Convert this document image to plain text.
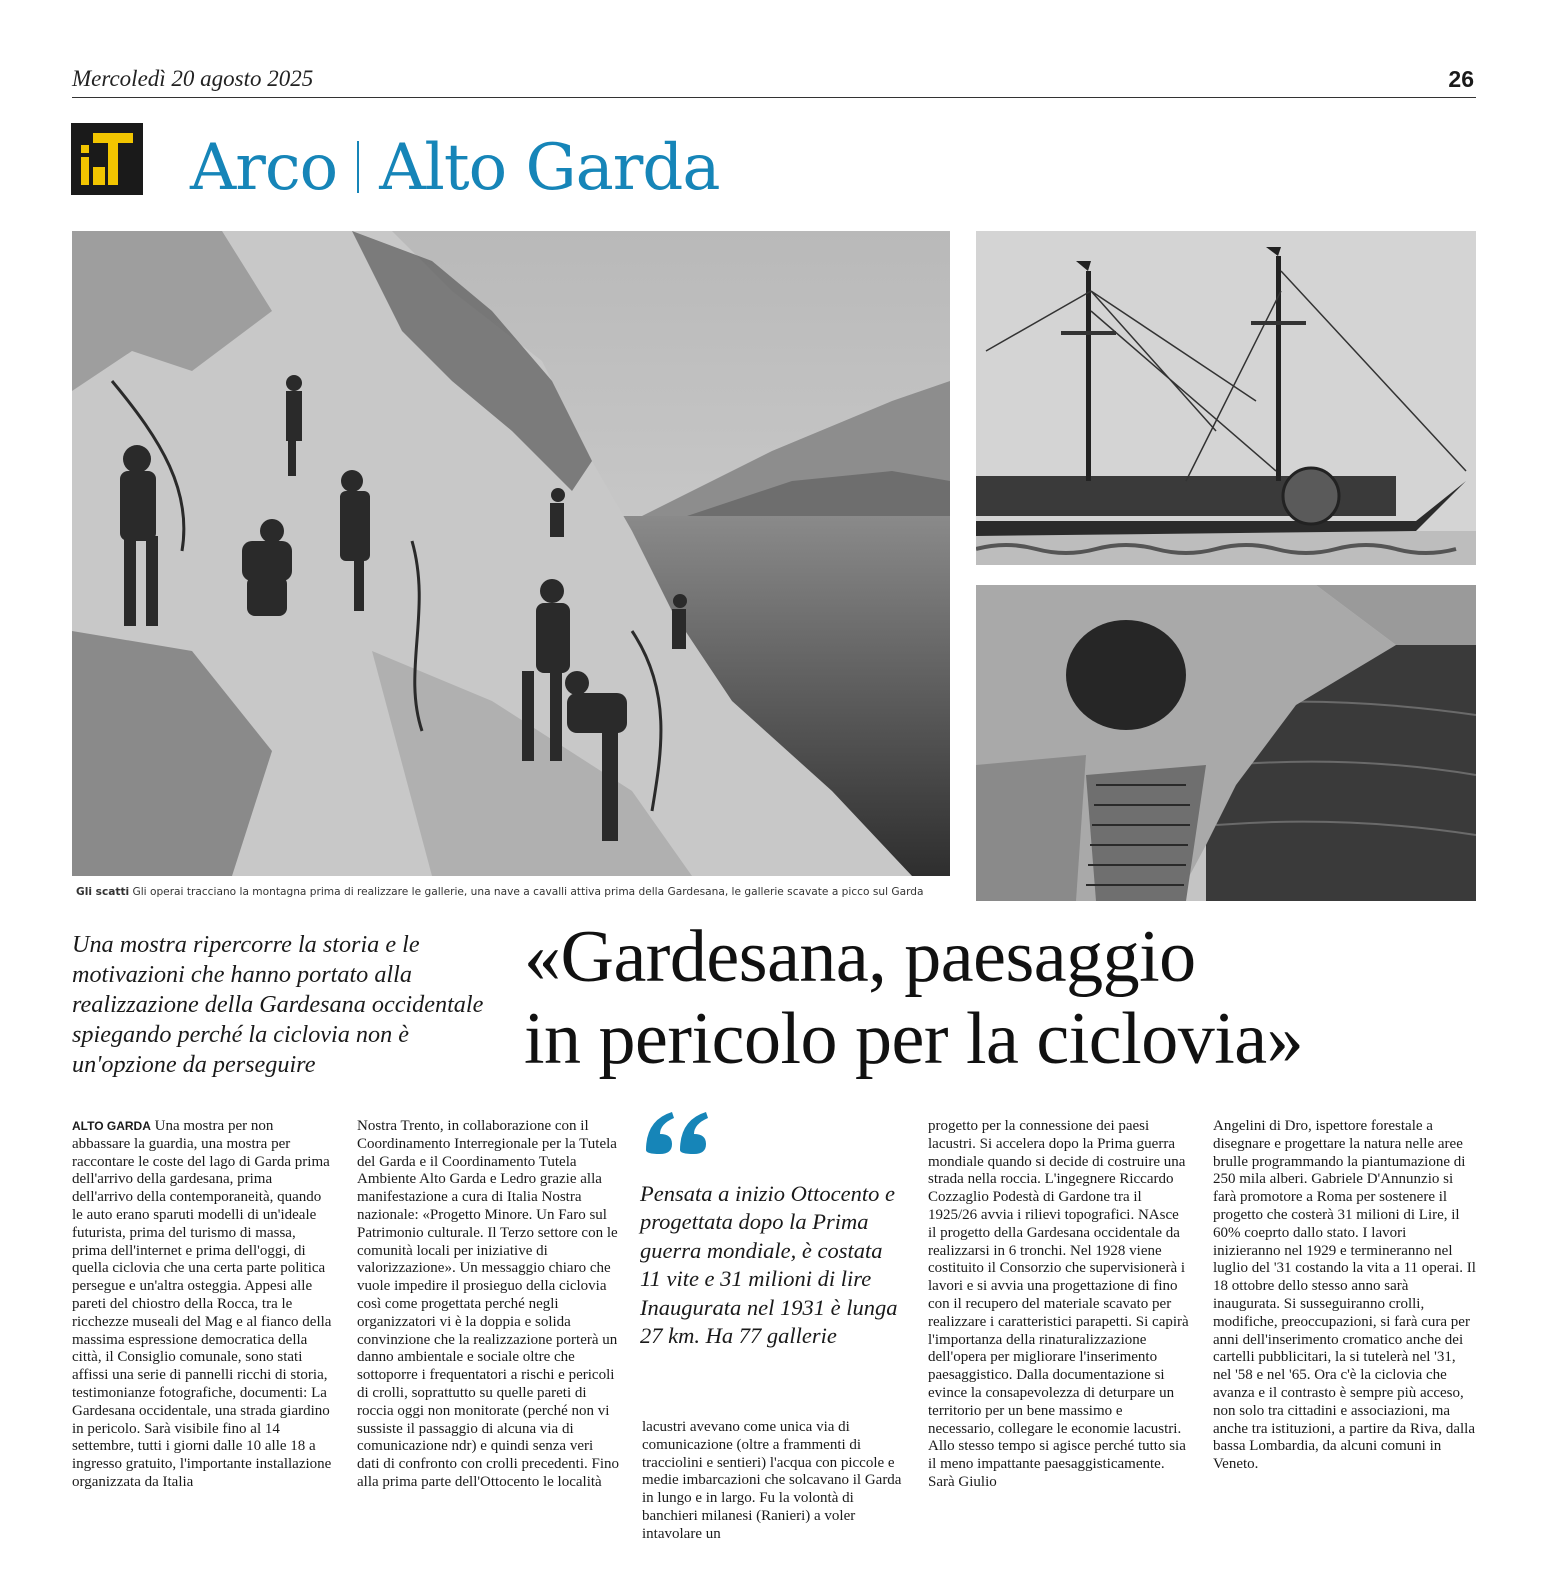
Mercoledì 20 agosto 2025	26
Arco Alto Garda
Gli scatti Gli operai tracciano la montagna prima di realizzare le gallerie, una nave a cavalli attiva prima della Gardesana, le gallerie scavate a picco sul Garda
Una mostra ripercorre la storia e le motivazioni che hanno portato alla realizzazione della Gardesana occidentale spiegando perché la ciclovia non è un'opzione da perseguire
«Gardesana, paesaggio
in pericolo per la ciclovia»
ALTO GARDA Una mostra per non abbassare la guardia, una mostra per raccontare le coste del lago di Garda prima dell'arrivo della gardesana, prima dell'arrivo della contemporaneità, quando le auto erano sparuti modelli di un'ideale futurista, prima del turismo di massa, prima dell'internet e prima dell'oggi, di quella ciclovia che una certa parte politica persegue e un'altra osteggia. Appesi alle pareti del chiostro della Rocca, tra le ricchezze museali del Mag e al fianco della massima espressione democratica della città, il Consiglio comunale, sono stati affissi una serie di pannelli ricchi di storia, testimonianze fotografiche, documenti: La Gardesana occidentale, una strada giardino in pericolo. Sarà visibile fino al 14 settembre, tutti i giorni dalle 10 alle 18 a ingresso gratuito, l'importante installazione organizzata da Italia
Nostra Trento, in collaborazione con il Coordinamento Interregionale per la Tutela del Garda e il Coordinamento Tutela Ambiente Alto Garda e Ledro grazie alla manifestazione a cura di Italia Nostra nazionale: «Progetto Minore. Un Faro sul Patrimonio culturale. Il Terzo settore con le comunità locali per iniziative di valorizzazione». Un messaggio chiaro che vuole impedire il prosieguo della ciclovia così come progettata perché negli organizzatori vi è la doppia e solida convinzione che la realizzazione porterà un danno ambientale e sociale oltre che sottoporre i frequentatori a rischi e pericoli di crolli, soprattutto su quelle pareti di roccia oggi non monitorate (perché non vi sussiste il passaggio di alcuna via di comunicazione ndr) e quindi senza veri dati di confronto con crolli precedenti. Fino alla prima parte dell'Ottocento le località
Pensata a inizio Ottocento e progettata dopo la Prima guerra mondiale, è costata 11 vite e 31 milioni di lire Inaugurata nel 1931 è lunga 27 km. Ha 77 gallerie
lacustri avevano come unica via di comunicazione (oltre a frammenti di tracciolini e sentieri) l'acqua con piccole e medie imbarcazioni che solcavano il Garda in lungo e in largo. Fu la volontà di banchieri milanesi (Ranieri) a voler intavolare un
progetto per la connessione dei paesi lacustri. Si accelera dopo la Prima guerra mondiale quando si decide di costruire una strada nella roccia. L'ingegnere Riccardo Cozzaglio Podestà di Gardone tra il 1925/26 avvia i rilievi topografici. NAsce il progetto della Gardesana occidentale da realizzarsi in 6 tronchi. Nel 1928 viene costituito il Consorzio che supervisionerà i lavori e si avvia una progettazione di fino con il recupero del materiale scavato per realizzare i caratteristici parapetti. Si capirà l'importanza della rinaturalizzazione dell'opera per migliorare l'inserimento paesaggistico. Dalla documentazione si evince la consapevolezza di deturpare un territorio per un bene massimo e necessario, collegare le economie lacustri. Allo stesso tempo si agisce perché tutto sia il meno impattante paesaggisticamente. Sarà Giulio
Angelini di Dro, ispettore forestale a disegnare e progettare la natura nelle aree brulle programmando la piantumazione di 250 mila alberi. Gabriele D'Annunzio si farà promotore a Roma per sostenere il progetto che costerà 31 milioni di Lire, il 60% coeprto dallo stato. I lavori inizieranno nel 1929 e termineranno nel luglio del '31 costando la vita a 11 operai. Il 18 ottobre dello stesso anno sarà inaugurata. Si susseguiranno crolli, modifiche, preoccupazioni, si farà cura per anni dell'inserimento cromatico anche dei cartelli pubblicitari, la si tutelerà nel '31, nel '58 e nel '65. Ora c'è la ciclovia che avanza e il contrasto è sempre più acceso, non solo tra cittadini e associazioni, ma anche tra istituzioni, a partire da Riva, dalla bassa Lombardia, da alcuni comuni in Veneto.
